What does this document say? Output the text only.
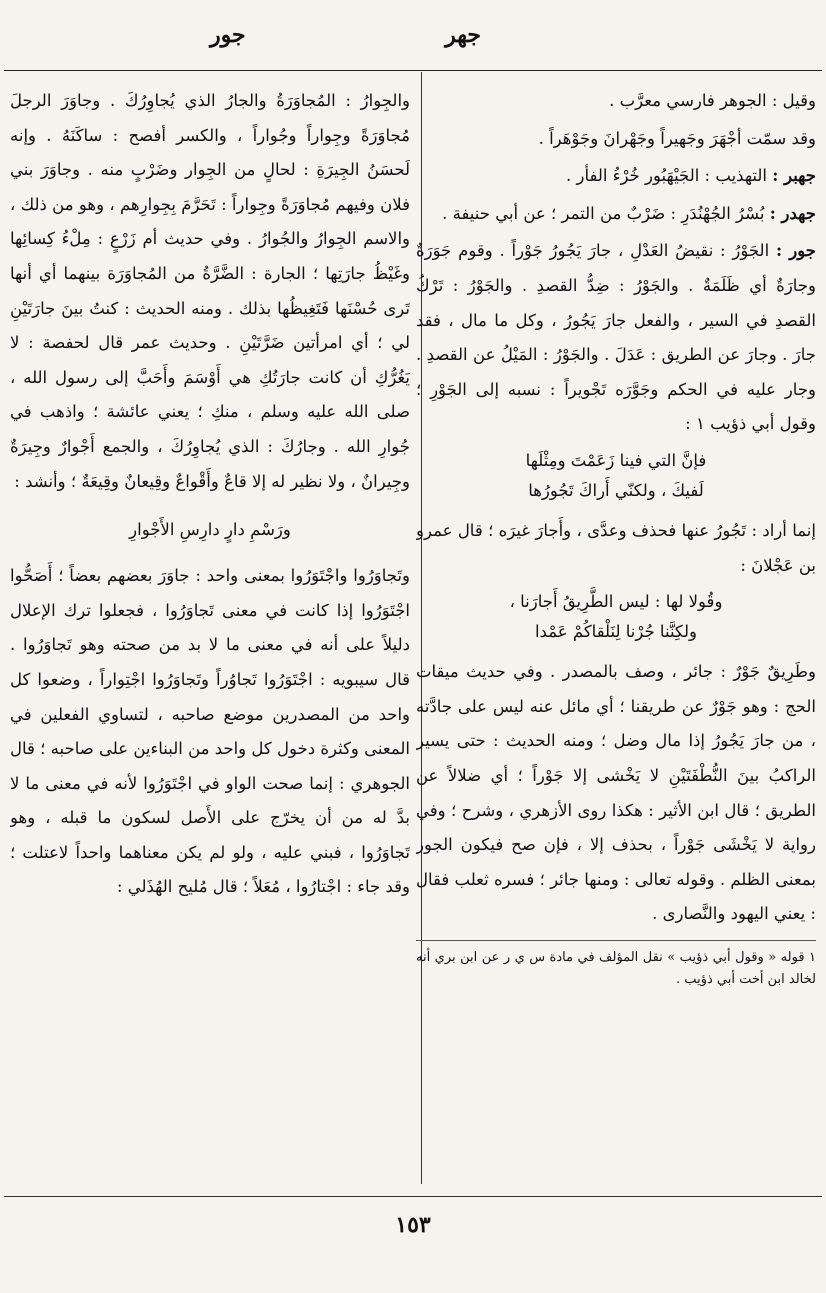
جهر
جور

وقيل : الجوهر فارسي معرَّب .

وقد سمّت أجْهَرَ وجَهيراً وجَهْرانَ وجَوْهَراً .

جهبر : التهذيب : الجَيْهَبُور خُرْءُ الفأر .

جهدر : بُسْرُ الجُهْنُدَرِ : ضَرْبٌ من التمر ؛ عن أبي حنيفة .

جور : الجَوْرُ : نقيضُ العَدْلِ ، جارَ يَجُورُ جَوْراً . وقوم جَوَرَةٌ وجارَةٌ أي ظَلَمَةٌ . والجَوْرُ : ضِدُّ القصدِ . والجَوْرُ : تَرْكُ القصدِ في السير ، والفعل جارَ يَجُورُ ، وكل ما مال ، فقد جارَ . وجارَ عن الطريق : عَدَلَ . والجَوْرُ : المَيْلُ عن القصدِ . وجار عليه في الحكم وجَوَّرَه تَجْويراً : نسبه إلى الجَوْرِ ؛ وقول أبي ذؤيب ١ :

فإنَّ التي فينا زَعَمْتَ ومِثْلَها
لَفيكَ ، ولكنّي أَراكَ تَجُورُها

إنما أراد : تَجُورُ عنها فحذف وعدَّى ، وأَجارَ غيرَه ؛ قال عمرو بن عَجْلانَ :

وقُولا لها : ليس الطَّرِيقُ أَجارَنا ،
ولكِنَّنا جُرْنا لِنَلْقاكُمْ عَمْدا

وطَرِيقٌ جَوْرٌ : جائر ، وصف بالمصدر . وفي حديث ميقات الحج : وهو جَوْرٌ عن طريقنا ؛ أي مائل عنه ليس على جادَّته ، من جارَ يَجُورُ إذا مال وضل ؛ ومنه الحديث : حتى يسير الراكبُ بينَ النُّطْفَتَيْنِ لا يَخْشى إلا جَوْراً ؛ أي ضلالاً عن الطريق ؛ قال ابن الأثير : هكذا روى الأزهري ، وشرح ؛ وفي رواية لا يَخْشَى جَوْراً ، بحذف إلا ، فإن صح فيكون الجور بمعنى الظلم . وقوله تعالى : ومنها جائر ؛ فسره ثعلب فقال : يعني اليهود والنَّصارى .

١ قوله « وقول أبي ذؤيب » نقل المؤلف في مادة س ي ر عن ابن بري أنه لخالد ابن أخت أبي ذؤيب .

والجِوارُ : المُجاوَرَةُ والجارُ الذي يُجاوِرُكَ . وجاوَرَ الرجلَ مُجاوَرَةً وجِواراً وجُواراً ، والكسر أفصح : ساكَنَهُ . وإنه لَحسَنُ الجِيرَةِ : لحالٍ من الجِوار وضَرْبٍ منه . وجاوَرَ بني فلان وفيهم مُجاوَرَةً وجِواراً : تَحَرَّمَ بِجِوارِهم ، وهو من ذلك ، والاسم الجِوارُ والجُوارُ . وفي حديث أم زَرْعٍ : مِلْءُ كِسائِها وغَيْظُ جارَتِها ؛ الجارة : الضَّرَّةُ من المُجاوَرَة بينهما أي أنها تَرى حُسْنَها فَتَغِيظُها بذلك . ومنه الحديث : كنتُ بينَ جارَتَيْنِ لي ؛ أي امرأتين ضَرَّتَيْنِ . وحديث عمر قال لحفصة : لا يَغُرُّكِ أن كانت جارَتُكِ هي أَوْسَمَ وأَحَبَّ إلى رسول الله ، صلى الله عليه وسلم ، منكِ ؛ يعني عائشة ؛ واذهب في جُوارِ الله . وجارُكَ : الذي يُجاوِرُكَ ، والجمع أَجْوارٌ وجِيرَةٌ وجِيرانٌ ، ولا نظير له إلا قاعٌ وأَقْواعٌ وقِيعانٌ وقِيعَةٌ ؛ وأنشد :

ورَسْمِ دارٍ دارِسِ الأَجْوارِ

وتَجاوَرُوا واجْتَوَرُوا بمعنى واحد : جاوَرَ بعضهم بعضاً ؛ أَصَحُّوا اجْتَوَرُوا إذا كانت في معنى تَجاوَرُوا ، فجعلوا ترك الإعلال دليلاً على أنه في معنى ما لا بد من صحته وهو تَجاوَرُوا . قال سيبويه : اجْتَوَرُوا تَجاوُراً وتَجاوَرُوا اجْتِواراً ، وضعوا كل واحد من المصدرين موضع صاحبه ، لتساوي الفعلين في المعنى وكثرة دخول كل واحد من البناءين على صاحبه ؛ قال الجوهري : إنما صحت الواو في اجْتَوَرُوا لأنه في معنى ما لا بدَّ له من أن يخرّج على الأَصل لسكون ما قبله ، وهو تَجاوَرُوا ، فبني عليه ، ولو لم يكن معناهما واحداً لاعتلت ؛ وقد جاء : اجْتارُوا ، مُعَلاً ؛ قال مُليح الهُذَلي :

١٥٣
